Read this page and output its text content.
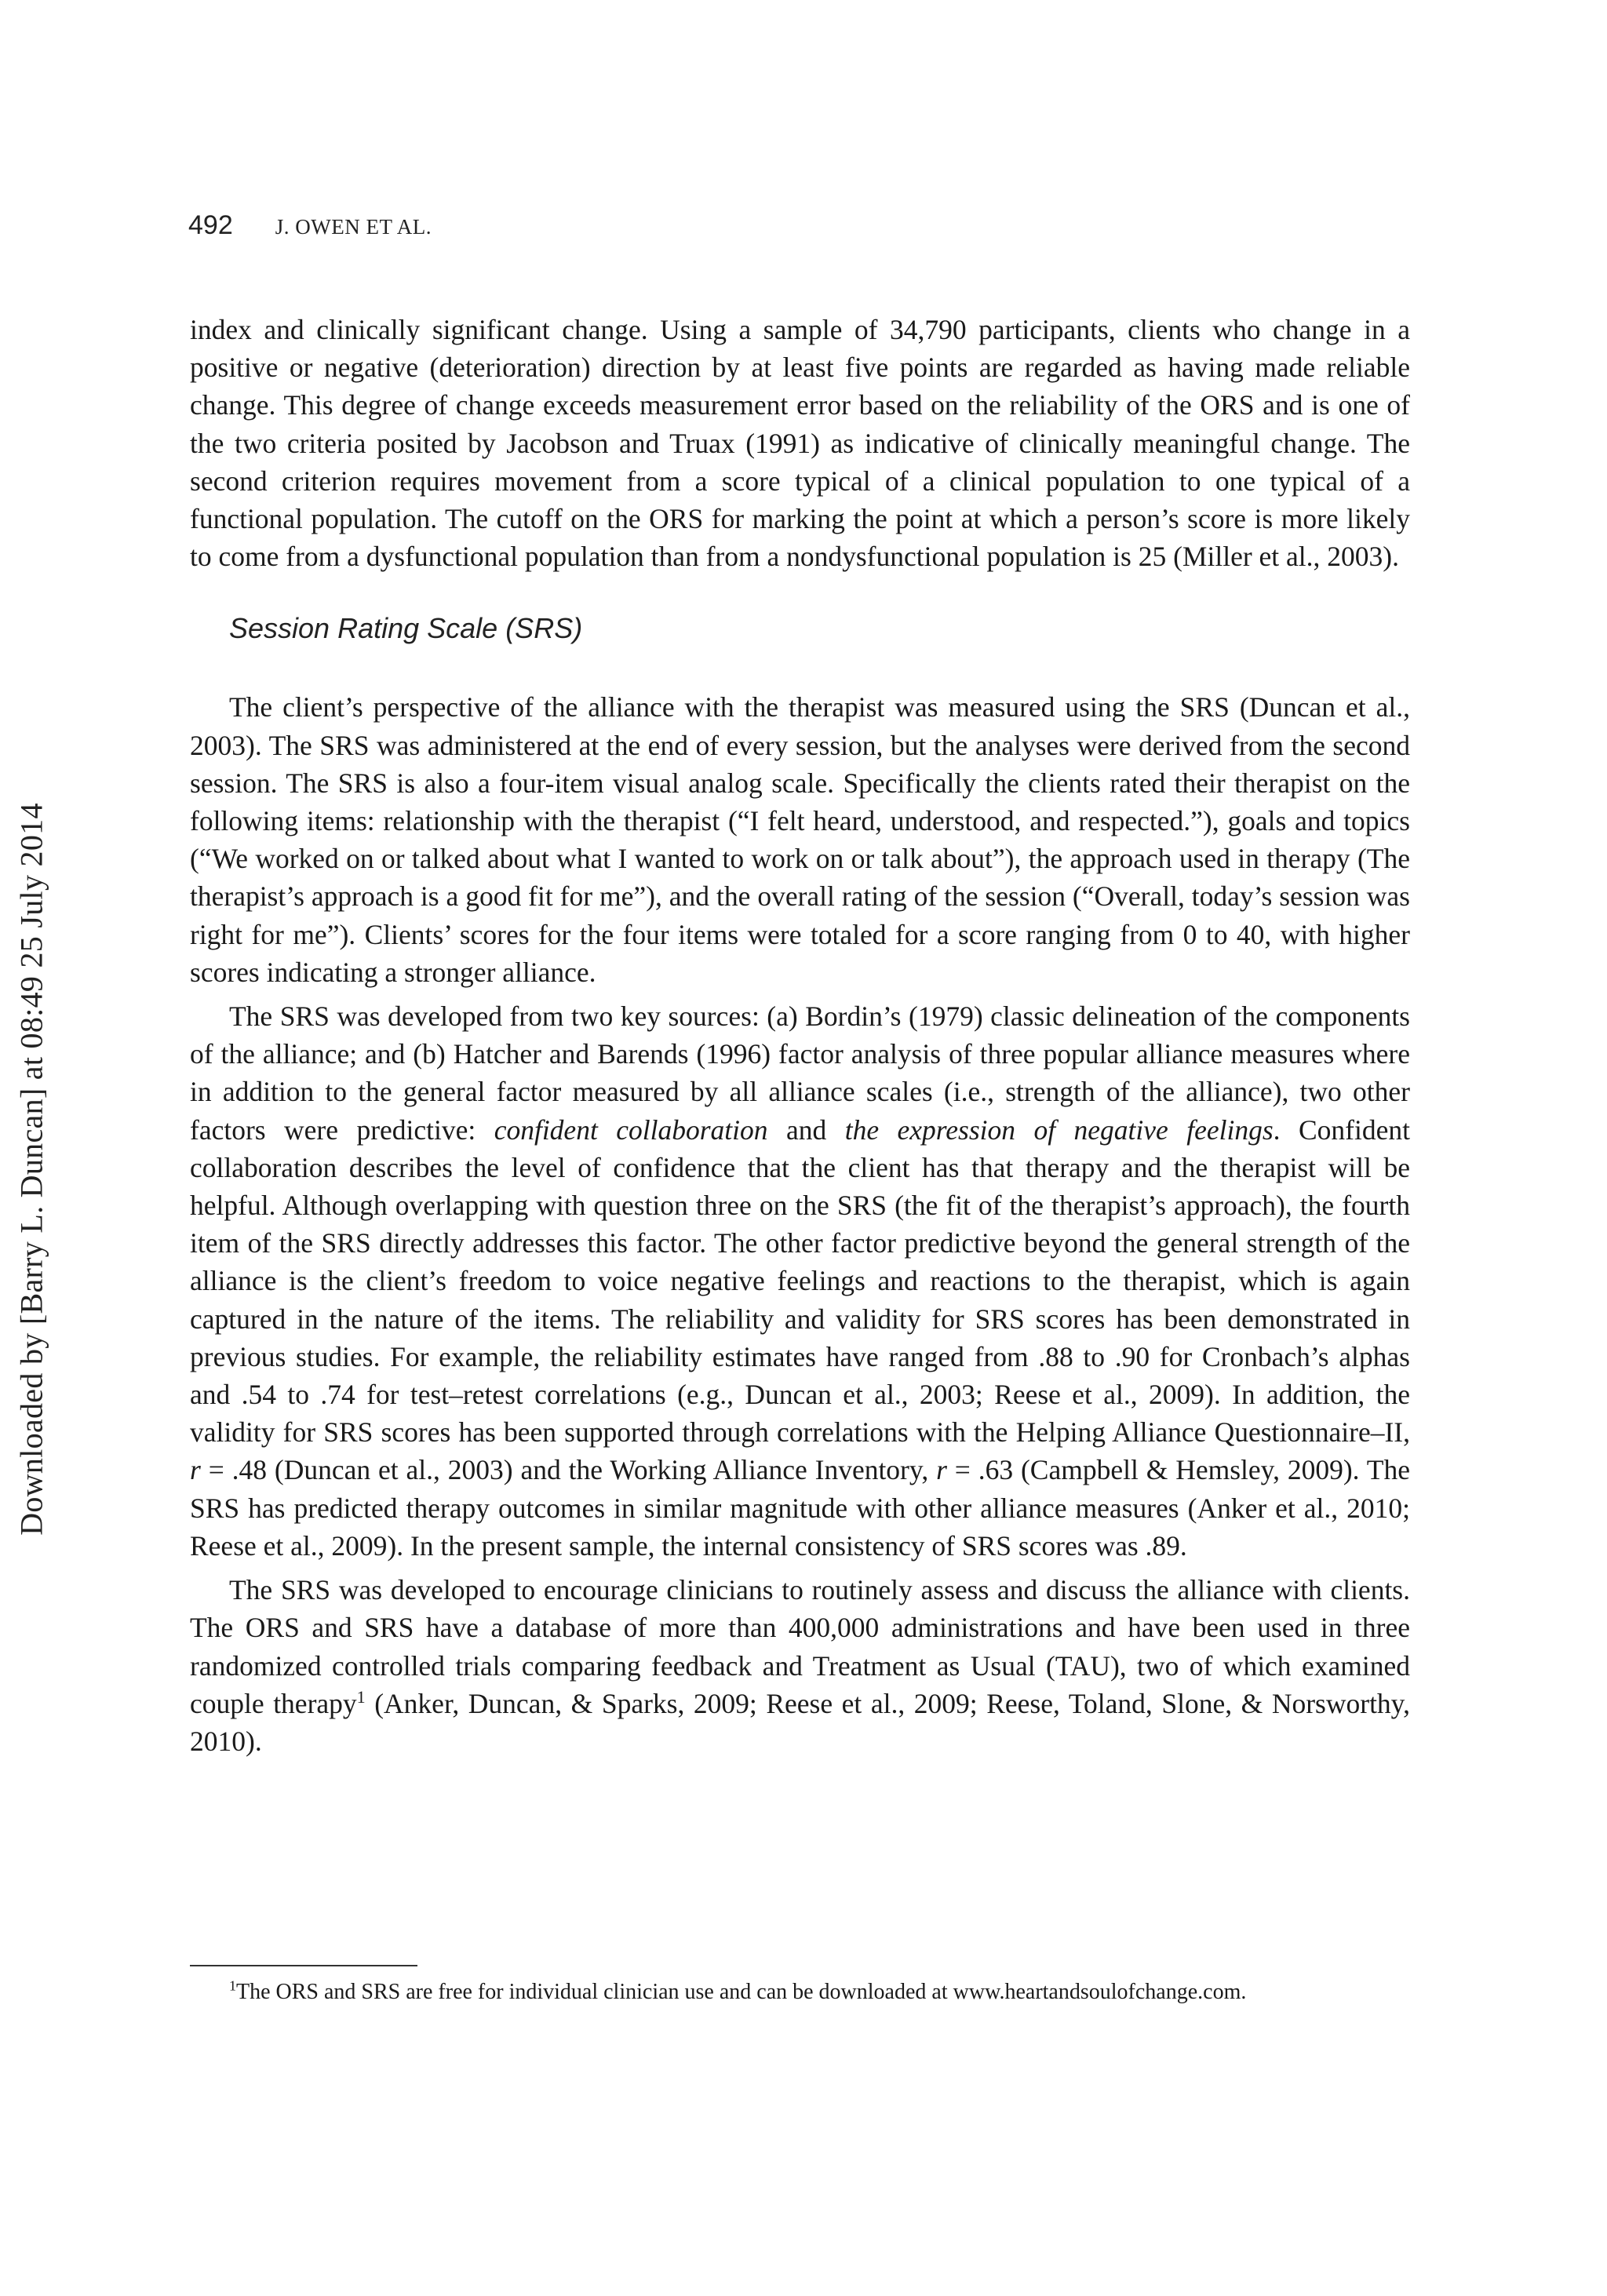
Downloaded by [Barry L. Duncan] at 08:49 25 July 2014
492 J. OWEN ET AL.

index and clinically significant change. Using a sample of 34,790 participants, clients who change in a positive or negative (deterioration) direction by at least five points are regarded as having made reliable change. This degree of change exceeds measurement error based on the reliability of the ORS and is one of the two criteria posited by Jacobson and Truax (1991) as indicative of clinically meaningful change. The second criterion requires movement from a score typical of a clinical population to one typical of a functional population. The cutoff on the ORS for marking the point at which a person’s score is more likely to come from a dysfunctional population than from a nondysfunctional population is 25 (Miller et al., 2003).

Session Rating Scale (SRS)

The client’s perspective of the alliance with the therapist was measured using the SRS (Duncan et al., 2003). The SRS was administered at the end of every session, but the analyses were derived from the second session. The SRS is also a four-item visual analog scale. Specifically the clients rated their therapist on the following items: relationship with the therapist (“I felt heard, understood, and respected.”), goals and topics (“We worked on or talked about what I wanted to work on or talk about”), the approach used in therapy (The therapist’s approach is a good fit for me”), and the overall rating of the session (“Overall, today’s session was right for me”). Clients’ scores for the four items were totaled for a score ranging from 0 to 40, with higher scores indicating a stronger alliance.

The SRS was developed from two key sources: (a) Bordin’s (1979) classic delineation of the components of the alliance; and (b) Hatcher and Barends (1996) factor analysis of three popular alliance measures where in addition to the general factor measured by all alliance scales (i.e., strength of the alliance), two other factors were predictive: confident collaboration and the expression of negative feelings. Confident collaboration describes the level of confidence that the client has that therapy and the therapist will be helpful. Although overlapping with question three on the SRS (the fit of the therapist’s approach), the fourth item of the SRS directly addresses this factor. The other factor predictive beyond the general strength of the alliance is the client’s freedom to voice negative feelings and reactions to the therapist, which is again captured in the nature of the items. The reliability and validity for SRS scores has been demonstrated in previous studies. For example, the reliability estimates have ranged from .88 to .90 for Cronbach’s alphas and .54 to .74 for test–retest correlations (e.g., Duncan et al., 2003; Reese et al., 2009). In addition, the validity for SRS scores has been supported through correlations with the Helping Alliance Questionnaire–II, r = .48 (Duncan et al., 2003) and the Working Alliance Inventory, r = .63 (Campbell & Hemsley, 2009). The SRS has predicted therapy outcomes in similar magnitude with other alliance measures (Anker et al., 2010; Reese et al., 2009). In the present sample, the internal consistency of SRS scores was .89.

The SRS was developed to encourage clinicians to routinely assess and discuss the alliance with clients. The ORS and SRS have a database of more than 400,000 administrations and have been used in three randomized controlled trials comparing feedback and Treatment as Usual (TAU), two of which examined couple therapy$^1$ (Anker, Duncan, & Sparks, 2009; Reese et al., 2009; Reese, Toland, Slone, & Norsworthy, 2010).

$^1$The ORS and SRS are free for individual clinician use and can be downloaded at www.heartandsoulofchange.com.
